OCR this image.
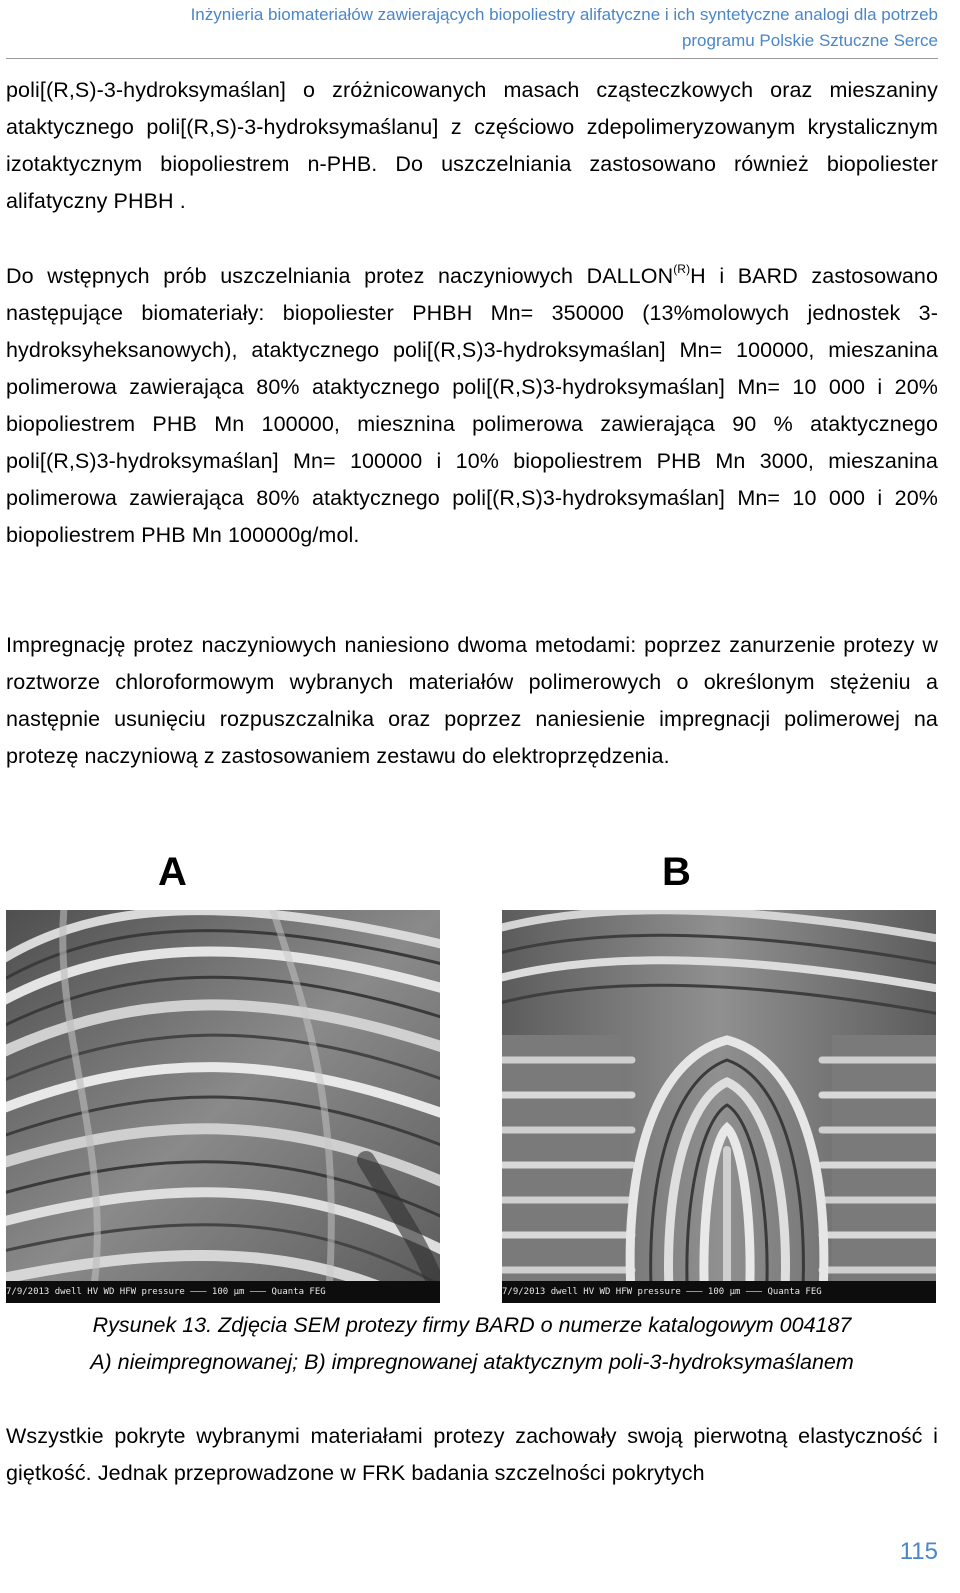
Inżynieria biomateriałów zawierających biopoliestry alifatyczne i ich syntetyczne analogi dla potrzeb
programu Polskie Sztuczne Serce
poli[(R,S)-3-hydroksymaślan] o zróżnicowanych masach cząsteczkowych oraz mieszaniny ataktycznego poli[(R,S)-3-hydroksymaślanu] z częściowo zdepolimeryzowanym krystalicznym izotaktycznym biopoliestrem n-PHB. Do uszczelniania zastosowano również biopoliester alifatyczny PHBH .
Do wstępnych prób uszczelniania protez naczyniowych $DALLON^{(R)}H$ i BARD zastosowano następujące biomateriały: biopoliester PHBH Mn= 350000 (13%molowych jednostek 3-hydroksyheksanowych), ataktycznego poli[(R,S)3-hydroksymaślan] Mn= 100000, mieszanina polimerowa zawierająca 80% ataktycznego poli[(R,S)3-hydroksymaślan] Mn= 10 000 i 20% biopoliestrem PHB Mn 100000, miesznina polimerowa zawierająca 90 % ataktycznego poli[(R,S)3-hydroksymaślan] Mn= 100000 i 10% biopoliestrem PHB Mn 3000, mieszanina polimerowa zawierająca 80% ataktycznego poli[(R,S)3-hydroksymaślan] Mn= 10 000 i 20% biopoliestrem PHB Mn 100000g/mol.
Impregnację protez naczyniowych naniesiono dwoma metodami: poprzez zanurzenie protezy w roztworze chloroformowym wybranych materiałów polimerowych o określonym stężeniu a następnie usunięciu rozpuszczalnika oraz poprzez naniesienie impregnacji polimerowej na protezę naczyniową z zastosowaniem zestawu do elektroprzędzenia.
A	B
7/9/2013 dwell HV WD HFW pressure ——— 100 µm ——— Quanta FEG	7/9/2013 dwell HV WD HFW pressure ——— 100 µm ——— Quanta FEG
Rysunek 13. Zdjęcia SEM protezy firmy BARD o numerze katalogowym 004187
A) nieimpregnowanej; B) impregnowanej ataktycznym poli-3-hydroksymaślanem
Wszystkie pokryte wybranymi materiałami protezy zachowały swoją pierwotną elastyczność i giętkość. Jednak przeprowadzone w FRK badania szczelności pokrytych
115
